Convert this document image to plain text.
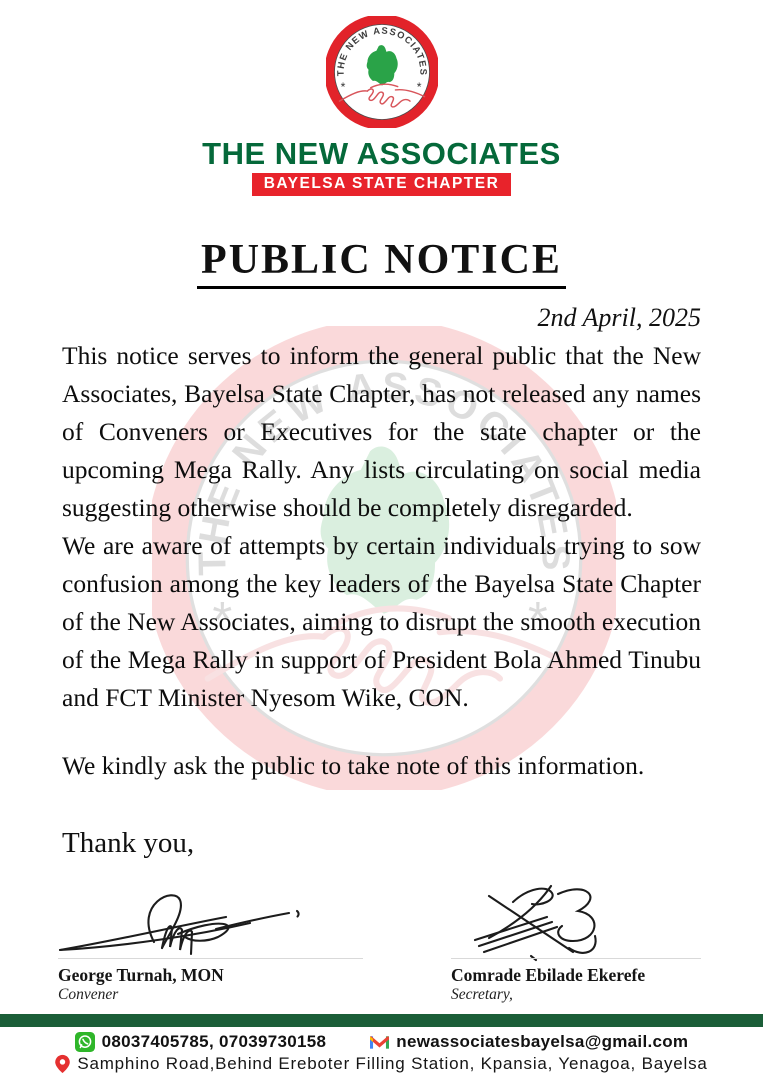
THE NEW ASSOCIATES
BAYELSA STATE CHAPTER
PUBLIC NOTICE
2nd April, 2025

This notice serves to inform the general public that the New Associates, Bayelsa State Chapter, has not released any names of Conveners or Executives for the state chapter or the upcoming Mega Rally. Any lists circulating on social media suggesting otherwise should be completely disregarded.

We are aware of attempts by certain individuals trying to sow confusion among the key leaders of the Bayelsa State Chapter of the New Associates, aiming to disrupt the smooth execution of the Mega Rally in support of President Bola Ahmed Tinubu and FCT Minister Nyesom Wike, CON.

We kindly ask the public to take note of this information.

Thank you,
George Turnah, MON
Convener
Comrade Ebilade Ekerefe
Secretary,
08037405785, 07039730158	newassociatesbayelsa@gmail.com
Samphino Road,Behind Ereboter Filling Station, Kpansia, Yenagoa, Bayelsa
